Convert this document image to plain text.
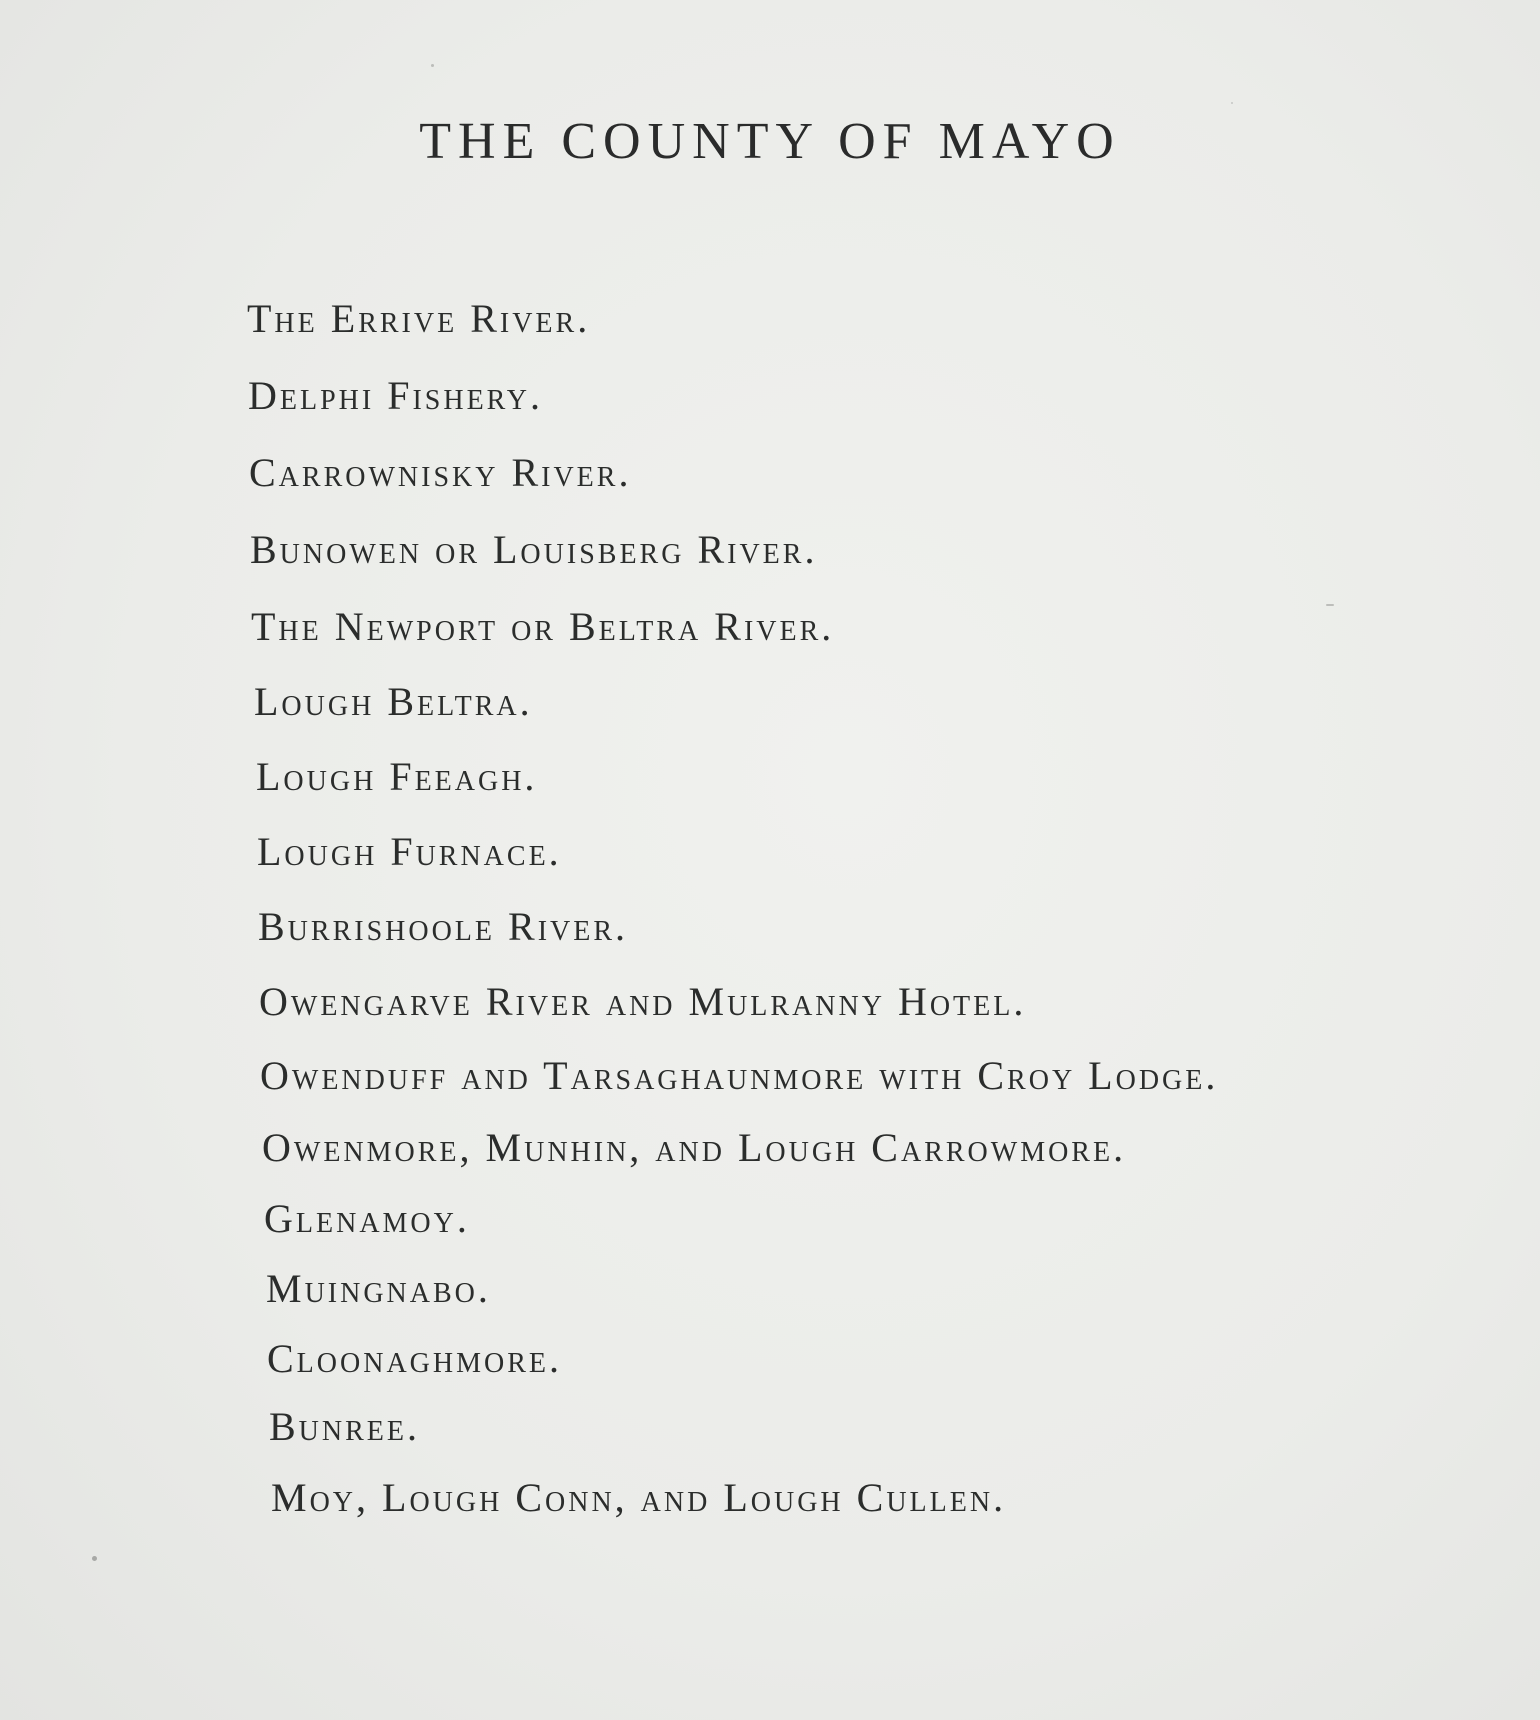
THE COUNTY OF MAYO
The Errive River.
Delphi Fishery.
Carrownisky River.
Bunowen or Louisberg River.
The Newport or Beltra River.
Lough Beltra.
Lough Feeagh.
Lough Furnace.
Burrishoole River.
Owengarve River and Mulranny Hotel.
Owenduff and Tarsaghaunmore with Croy Lodge.
Owenmore, Munhin, and Lough Carrowmore.
Glenamoy.
Muingnabo.
Cloonaghmore.
Bunree.
Moy, Lough Conn, and Lough Cullen.
